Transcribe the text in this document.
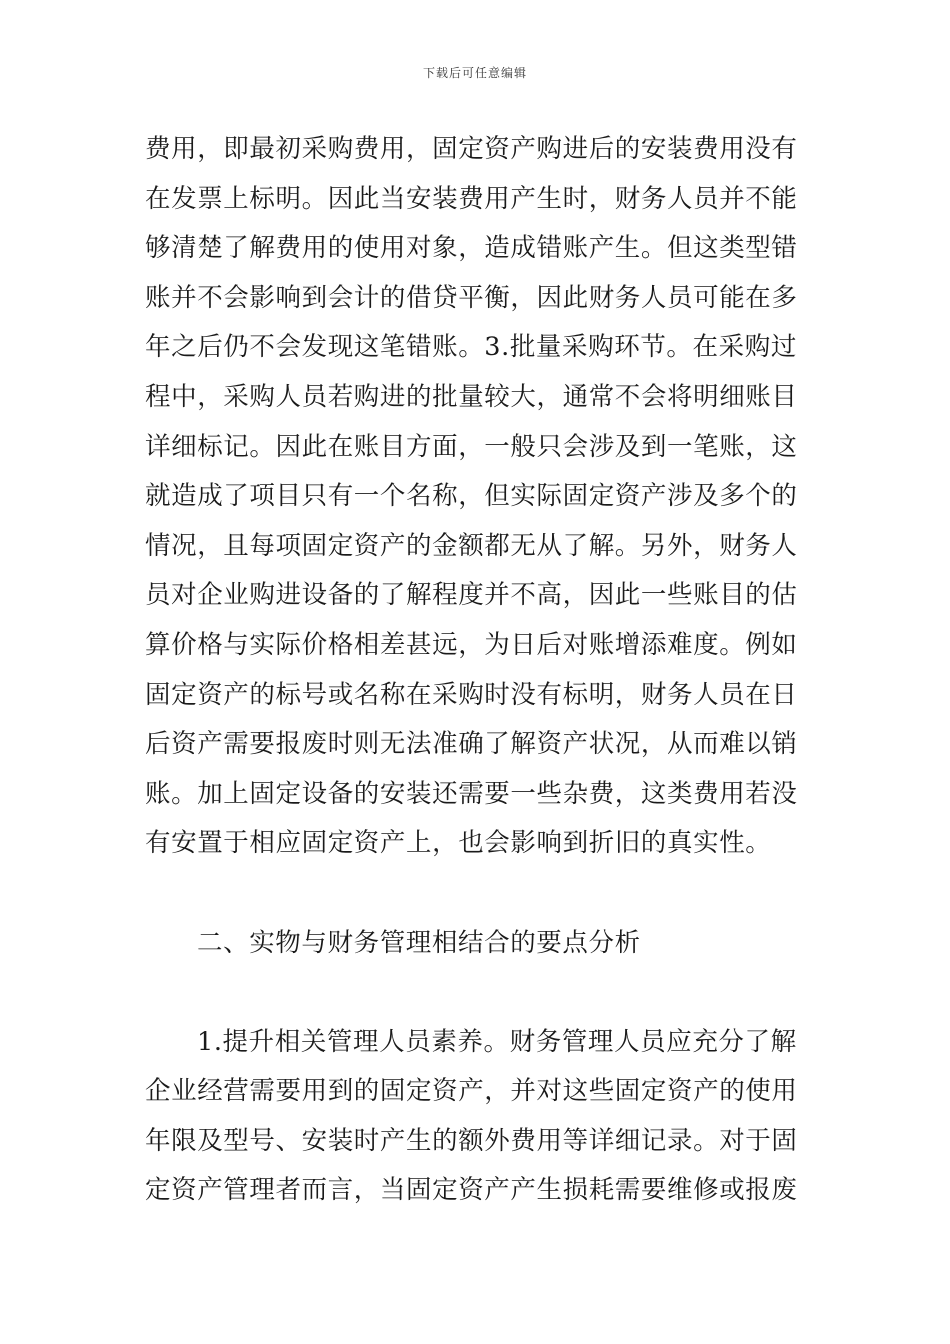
下载后可任意编辑
费用，即最初采购费用，固定资产购进后的安装费用没有
在发票上标明。因此当安装费用产生时，财务人员并不能
够清楚了解费用的使用对象，造成错账产生。但这类型错
账并不会影响到会计的借贷平衡，因此财务人员可能在多
年之后仍不会发现这笔错账。3.批量采购环节。在采购过
程中，采购人员若购进的批量较大，通常不会将明细账目
详细标记。因此在账目方面，一般只会涉及到一笔账，这
就造成了项目只有一个名称，但实际固定资产涉及多个的
情况，且每项固定资产的金额都无从了解。另外，财务人
员对企业购进设备的了解程度并不高，因此一些账目的估
算价格与实际价格相差甚远，为日后对账增添难度。例如
固定资产的标号或名称在采购时没有标明，财务人员在日
后资产需要报废时则无法准确了解资产状况，从而难以销
账。加上固定设备的安装还需要一些杂费，这类费用若没
有安置于相应固定资产上，也会影响到折旧的真实性。
二、实物与财务管理相结合的要点分析
1.提升相关管理人员素养。财务管理人员应充分了解
企业经营需要用到的固定资产，并对这些固定资产的使用
年限及型号、安装时产生的额外费用等详细记录。对于固
定资产管理者而言，当固定资产产生损耗需要维修或报废
